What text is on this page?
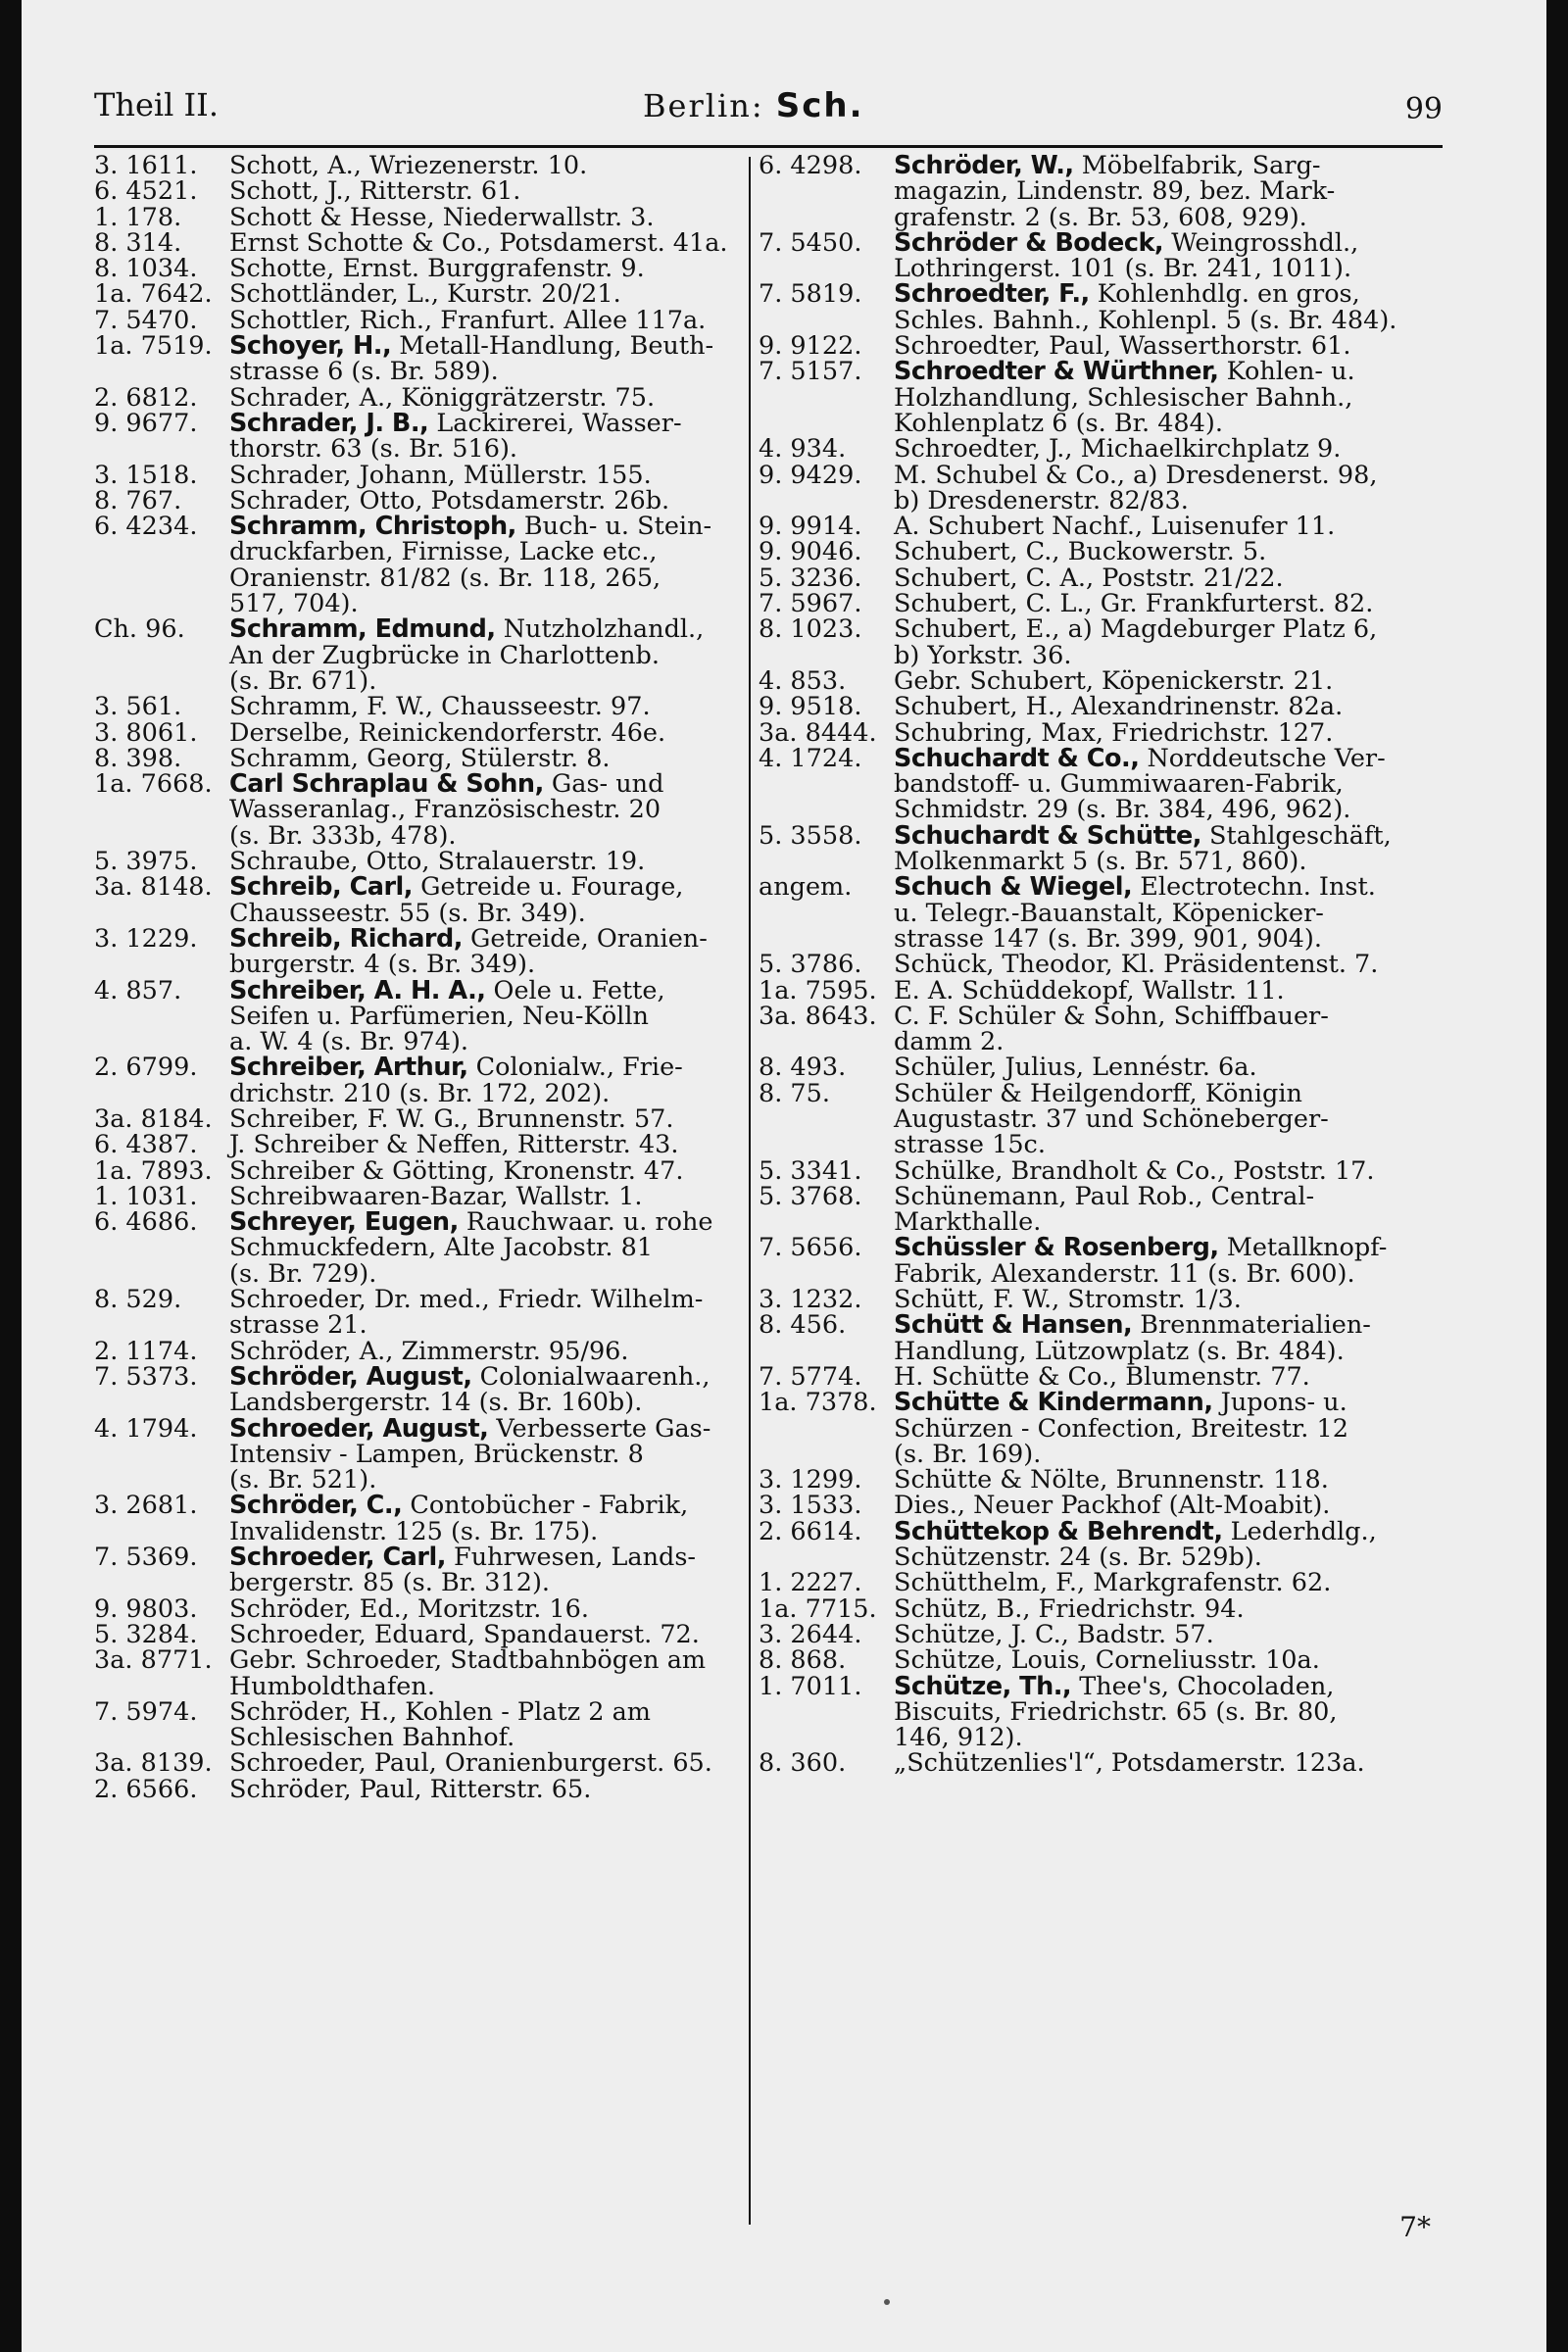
Theil II.	Berlin: Sch.	99
3. 1611.	Schott, A., Wriezenerstr. 10.
6. 4521.	Schott, J., Ritterstr. 61.
1. 178.	Schott & Hesse, Niederwallstr. 3.
8. 314.	Ernst Schotte & Co., Potsdamerst. 41a.
8. 1034.	Schotte, Ernst. Burggrafenstr. 9.
1a. 7642. Schottländer, L., Kurstr. 20/21.
7. 5470.	Schottler, Rich., Franfurt. Allee 117a.
1a. 7519. Schoyer, H., Metall-Handlung, Beuth-
strasse 6 (s. Br. 589).
2. 6812.	Schrader, A., Königgrätzerstr. 75.
9. 9677.	Schrader, J. B., Lackirerei, Wasser-
thorstr. 63 (s. Br. 516).
3. 1518.	Schrader, Johann, Müllerstr. 155.
8. 767.	Schrader, Otto, Potsdamerstr. 26b.
6. 4234.	Schramm, Christoph, Buch- u. Stein-
druckfarben, Firnisse, Lacke etc.,
Oranienstr. 81/82 (s. Br. 118, 265,
517, 704).
Ch. 96.	Schramm, Edmund, Nutzholzhandl.,
An der Zugbrücke in Charlottenb.
(s. Br. 671).
3. 561.	Schramm, F. W., Chausseestr. 97.
3. 8061.	Derselbe, Reinickendorferstr. 46e.
8. 398.	Schramm, Georg, Stülerstr. 8.
1a. 7668. Carl Schraplau & Sohn, Gas- und
Wasseranlag., Französischestr. 20
(s. Br. 333b, 478).
5. 3975.	Schraube, Otto, Stralauerstr. 19.
3a. 8148. Schreib, Carl, Getreide u. Fourage,
Chausseestr. 55 (s. Br. 349).
3. 1229.	Schreib, Richard, Getreide, Oranien-
burgerstr. 4 (s. Br. 349).
4. 857.	Schreiber, A. H. A., Oele u. Fette,
Seifen u. Parfümerien, Neu-Kölln
a. W. 4 (s. Br. 974).
2. 6799.	Schreiber, Arthur, Colonialw., Frie-
drichstr. 210 (s. Br. 172, 202).
3a. 8184. Schreiber, F. W. G., Brunnenstr. 57.
6. 4387.	J. Schreiber & Neffen, Ritterstr. 43.
1a. 7893. Schreiber & Götting, Kronenstr. 47.
1. 1031.	Schreibwaaren-Bazar, Wallstr. 1.
6. 4686.	Schreyer, Eugen, Rauchwaar. u. rohe
Schmuckfedern, Alte Jacobstr. 81
(s. Br. 729).
8. 529.	Schroeder, Dr. med., Friedr. Wilhelm-
strasse 21.
2. 1174.	Schröder, A., Zimmerstr. 95/96.
7. 5373.	Schröder, August, Colonialwaarenh.,
Landsbergerstr. 14 (s. Br. 160b).
4. 1794.	Schroeder, August, Verbesserte Gas-
Intensiv - Lampen, Brückenstr. 8
(s. Br. 521).
3. 2681.	Schröder, C., Contobücher - Fabrik,
Invalidenstr. 125 (s. Br. 175).
7. 5369.	Schroeder, Carl, Fuhrwesen, Lands-
bergerstr. 85 (s. Br. 312).
9. 9803.	Schröder, Ed., Moritzstr. 16.
5. 3284.	Schroeder, Eduard, Spandauerst. 72.
3a. 8771. Gebr. Schroeder, Stadtbahnbögen am
Humboldthafen.
7. 5974.	Schröder, H., Kohlen - Platz 2 am
Schlesischen Bahnhof.
3a. 8139. Schroeder, Paul, Oranienburgerst. 65.
2. 6566.	Schröder, Paul, Ritterstr. 65.
6. 4298.	Schröder, W., Möbelfabrik, Sarg-
magazin, Lindenstr. 89, bez. Mark-
grafenstr. 2 (s. Br. 53, 608, 929).
7. 5450.	Schröder & Bodeck, Weingrosshdl.,
Lothringerst. 101 (s. Br. 241, 1011).
7. 5819.	Schroedter, F., Kohlenhdlg. en gros,
Schles. Bahnh., Kohlenpl. 5 (s. Br. 484).
9. 9122.	Schroedter, Paul, Wasserthorstr. 61.
7. 5157.	Schroedter & Würthner, Kohlen- u.
Holzhandlung, Schlesischer Bahnh.,
Kohlenplatz 6 (s. Br. 484).
4. 934.	Schroedter, J., Michaelkirchplatz 9.
9. 9429.	M. Schubel & Co., a) Dresdenerst. 98,
b) Dresdenerstr. 82/83.
9. 9914.	A. Schubert Nachf., Luisenufer 11.
9. 9046.	Schubert, C., Buckowerstr. 5.
5. 3236.	Schubert, C. A., Poststr. 21/22.
7. 5967.	Schubert, C. L., Gr. Frankfurterst. 82.
8. 1023.	Schubert, E., a) Magdeburger Platz 6,
b) Yorkstr. 36.
4. 853.	Gebr. Schubert, Köpenickerstr. 21.
9. 9518.	Schubert, H., Alexandrinenstr. 82a.
3a. 8444. Schubring, Max, Friedrichstr. 127.
4. 1724.	Schuchardt & Co., Norddeutsche Ver-
bandstoff- u. Gummiwaaren-Fabrik,
Schmidstr. 29 (s. Br. 384, 496, 962).
5. 3558.	Schuchardt & Schütte, Stahlgeschäft,
Molkenmarkt 5 (s. Br. 571, 860).
angem.	Schuch & Wiegel, Electrotechn. Inst.
u. Telegr.-Bauanstalt, Köpenicker-
strasse 147 (s. Br. 399, 901, 904).
5. 3786.	Schück, Theodor, Kl. Präsidentenst. 7.
1a. 7595. E. A. Schüddekopf, Wallstr. 11.
3a. 8643. C. F. Schüler & Sohn, Schiffbauer-
damm 2.
8. 493.	Schüler, Julius, Lennéstr. 6a.
8. 75.	Schüler & Heilgendorff, Königin
Augustastr. 37 und Schöneberger-
strasse 15c.
5. 3341.	Schülke, Brandholt & Co., Poststr. 17.
5. 3768.	Schünemann, Paul Rob., Central-
Markthalle.
7. 5656.	Schüssler & Rosenberg, Metallknopf-
Fabrik, Alexanderstr. 11 (s. Br. 600).
3. 1232.	Schütt, F. W., Stromstr. 1/3.
8. 456.	Schütt & Hansen, Brennmaterialien-
Handlung, Lützowplatz (s. Br. 484).
7. 5774.	H. Schütte & Co., Blumenstr. 77.
1a. 7378. Schütte & Kindermann, Jupons- u.
Schürzen - Confection, Breitestr. 12
(s. Br. 169).
3. 1299.	Schütte & Nölte, Brunnenstr. 118.
3. 1533.	Dies., Neuer Packhof (Alt-Moabit).
2. 6614.	Schüttekop & Behrendt, Lederhdlg.,
Schützenstr. 24 (s. Br. 529b).
1. 2227.	Schütthelm, F., Markgrafenstr. 62.
1a. 7715. Schütz, B., Friedrichstr. 94.
3. 2644.	Schütze, J. C., Badstr. 57.
8. 868.	Schütze, Louis, Corneliusstr. 10a.
1. 7011.	Schütze, Th., Thee's, Chocoladen,
Biscuits, Friedrichstr. 65 (s. Br. 80,
146, 912).
8. 360.	„Schützenlies'l“, Potsdamerstr. 123a.
7*
